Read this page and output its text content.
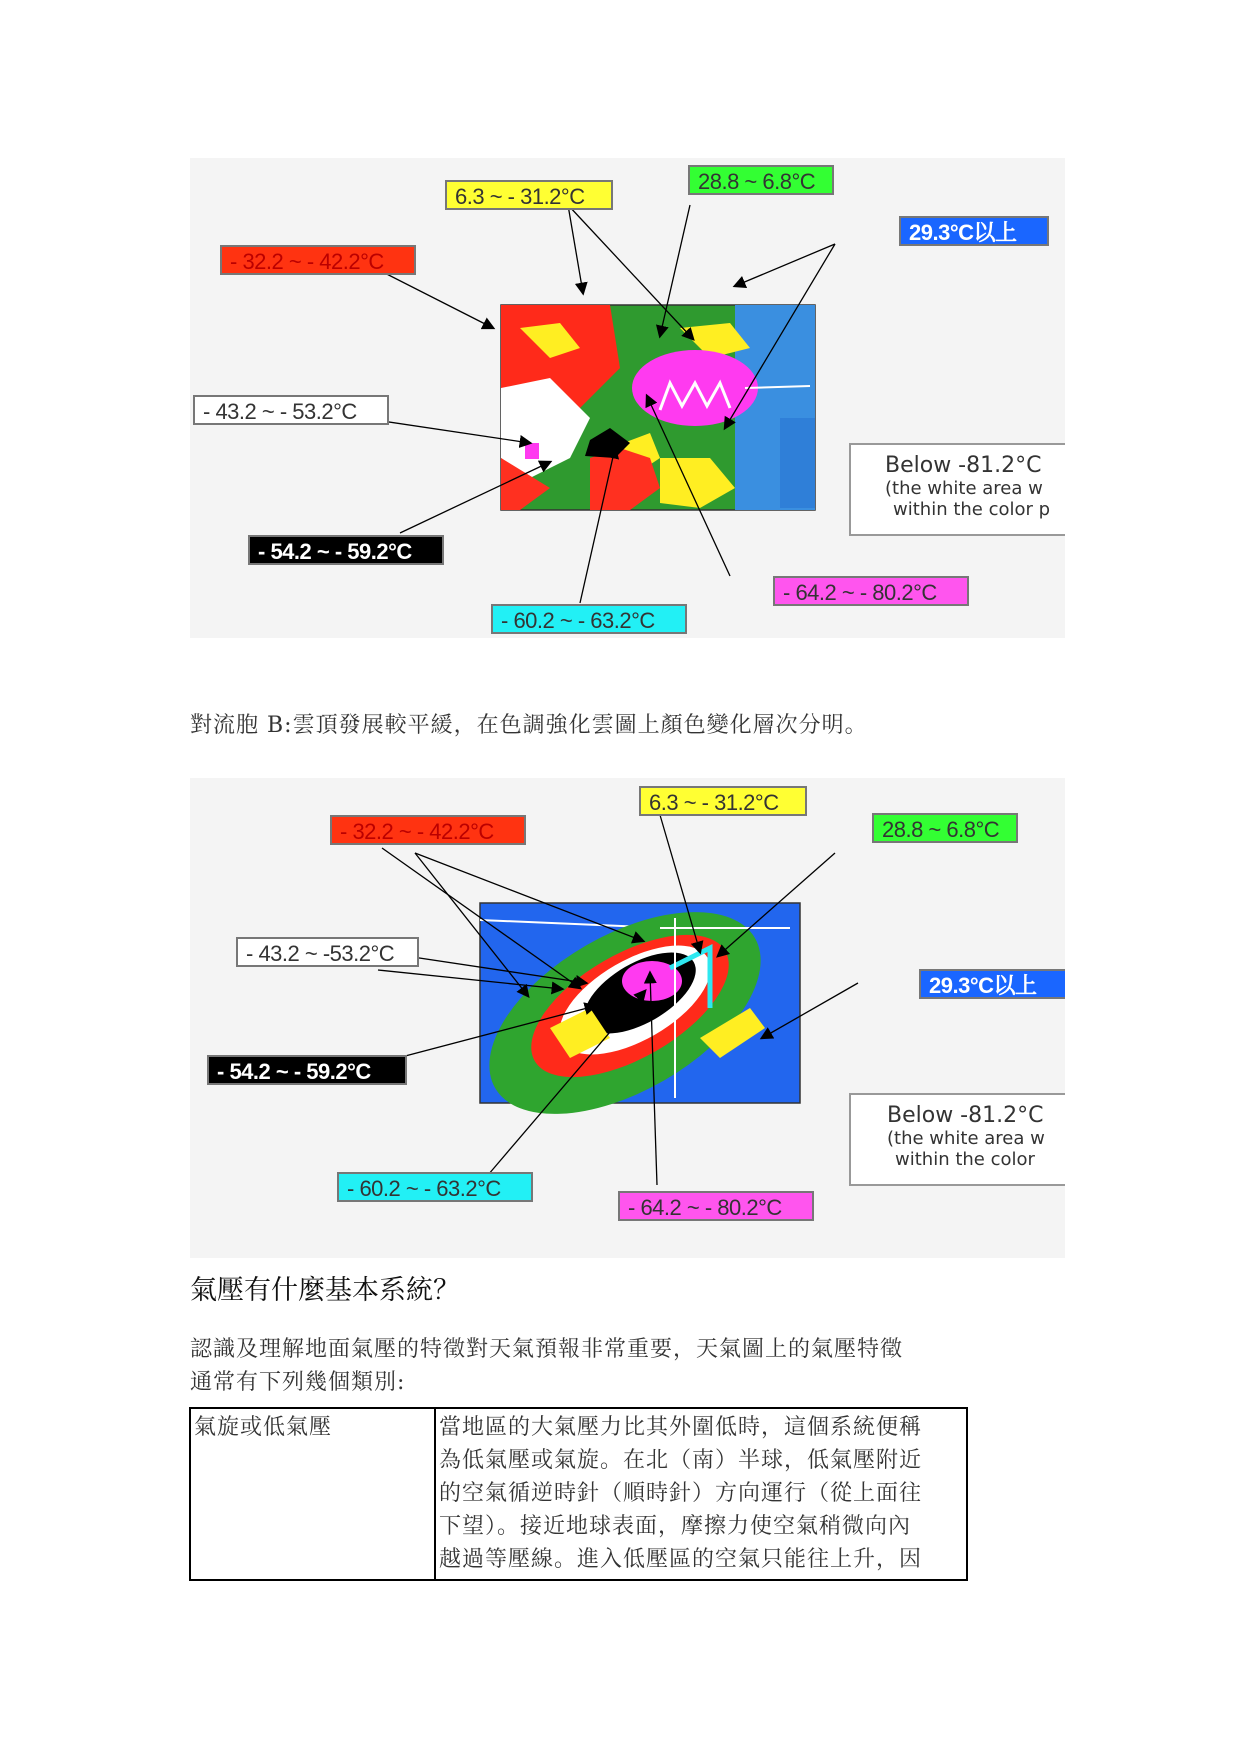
6.3 ~ - 31.2°C
28.8 ~ 6.8°C
29.3°C以上
- 32.2 ~ - 42.2°C
- 43.2 ~ - 53.2°C
- 54.2 ~ - 59.2°C
- 60.2 ~ - 63.2°C
- 64.2 ~ - 80.2°C
Below -81.2°C
(the white area w
within the color p
對流胞 B:雲頂發展較平緩，在色調強化雲圖上顏色變化層次分明。
- 32.2 ~ - 42.2°C
6.3 ~ - 31.2°C
28.8 ~ 6.8°C
- 43.2 ~ -53.2°C
29.3°C以上
- 54.2 ~ - 59.2°C
- 60.2 ~ - 63.2°C
- 64.2 ~ - 80.2°C
Below -81.2°C
(the white area w
within the color
氣壓有什麼基本系統？
認識及理解地面氣壓的特徵對天氣預報非常重要，天氣圖上的氣壓特徵
通常有下列幾個類別:
氣旋或低氣壓	當地區的大氣壓力比其外圍低時，這個系統便稱
為低氣壓或氣旋。在北（南）半球，低氣壓附近
的空氣循逆時針（順時針）方向運行（從上面往
下望）。接近地球表面，摩擦力使空氣稍微向內
越過等壓線。進入低壓區的空氣只能往上升，因
